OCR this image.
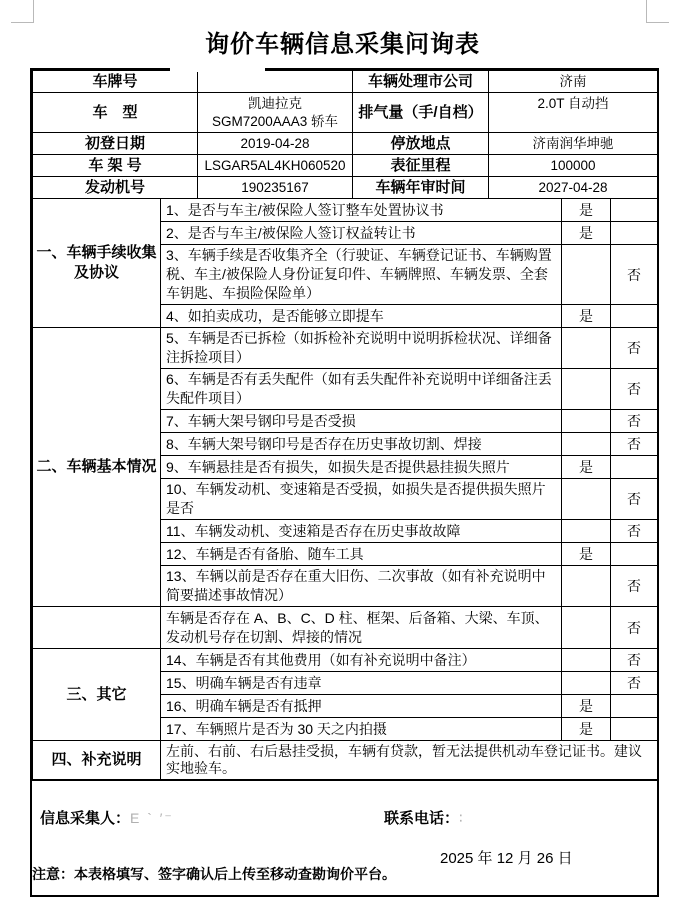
询价车辆信息采集问询表
车牌号		车辆处理市公司	济南
车　型	凯迪拉克 SGM7200AAA3 轿车	排气量（手/自档）	2.0T 自动挡
初登日期	2019-04-28	停放地点	济南润华坤驰
车 架 号	LSGAR5AL4KH060520	表征里程	100000
发动机号	190235167	车辆年审时间	2027-04-28
一、车辆手续收集及协议	1、是否与车主/被保险人签订整车处置协议书	是	
	2、是否与车主/被保险人签订权益转让书	是	
	3、车辆手续是否收集齐全（行驶证、车辆登记证书、车辆购置税、车主/被保险人身份证复印件、车辆牌照、车辆发票、全套车钥匙、车损险保险单）		否
	4、如拍卖成功，是否能够立即提车	是	
二、车辆基本情况	5、车辆是否已拆检（如拆检补充说明中说明拆检状况、详细备注拆捡项目）		否
	6、车辆是否有丢失配件（如有丢失配件补充说明中详细备注丢失配件项目）		否
	7、车辆大架号钢印号是否受损		否
	8、车辆大架号钢印号是否存在历史事故切割、焊接		否
	9、车辆悬挂是否有损失，如损失是否提供悬挂损失照片	是	
	10、车辆发动机、变速箱是否受损，如损失是否提供损失照片是否		否
	11、车辆发动机、变速箱是否存在历史事故故障		否
	12、车辆是否有备胎、随车工具	是	
	13、车辆以前是否存在重大旧伤、二次事故（如有补充说明中简要描述事故情况）		否
	车辆是否存在 A、B、C、D 柱、框架、后备箱、大梁、车顶、发动机号存在切割、焊接的情况		否
三、其它	14、车辆是否有其他费用（如有补充说明中备注）		否
	15、明确车辆是否有违章		否
	16、明确车辆是否有抵押	是	
	17、车辆照片是否为 30 天之内拍摄	是	
四、补充说明	左前、右前、右后悬挂受损，车辆有贷款，暂无法提供机动车登记证书。建议实地验车。		
信息采集人：E ` ′⁻	联系电话：∶
2025 年 12 月 26 日
注意：本表格填写、签字确认后上传至移动查勘询价平台。
